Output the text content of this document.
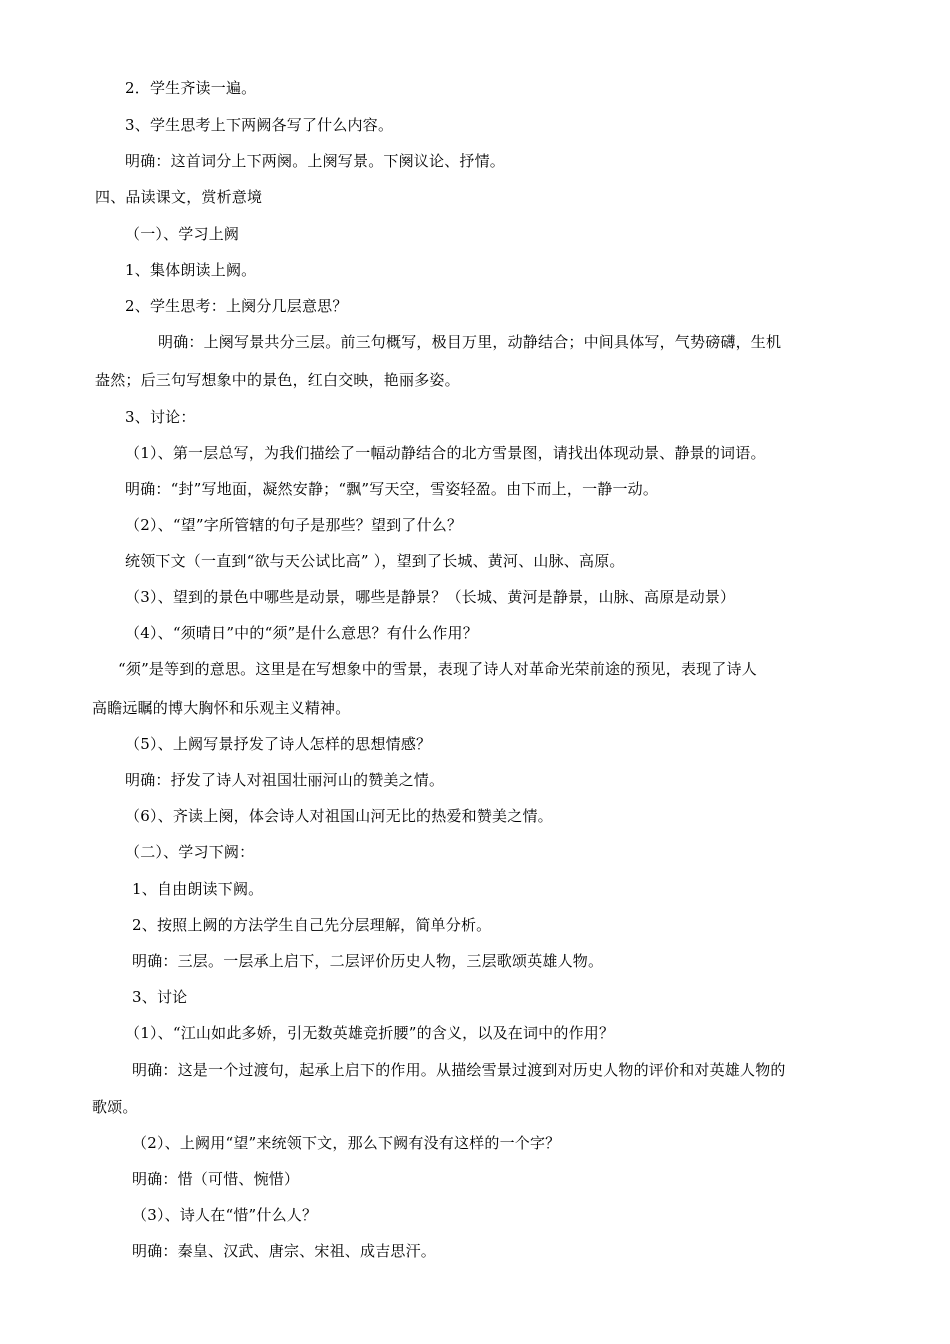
2．学生齐读一遍。
3、学生思考上下两阙各写了什么内容。
明确：这首词分上下两阕。上阕写景。下阕议论、抒情。
四、品读课文，赏析意境
（一）、学习上阙
1、集体朗读上阙。
2、学生思考：上阕分几层意思？
明确：上阕写景共分三层。前三句概写，极目万里，动静结合；中间具体写，气势磅礴，生机
盎然；后三句写想象中的景色，红白交映，艳丽多姿。
3、讨论：
（1）、第一层总写，为我们描绘了一幅动静结合的北方雪景图，请找出体现动景、静景的词语。
明确：“封”写地面，凝然安静；“飘”写天空，雪姿轻盈。由下而上，一静一动。
（2）、“望”字所管辖的句子是那些？望到了什么？
统领下文（一直到“欲与天公试比高” ），望到了长城、黄河、山脉、高原。
（3）、望到的景色中哪些是动景，哪些是静景？（长城、黄河是静景，山脉、高原是动景）
（4）、“须晴日”中的“须”是什么意思？有什么作用？
“须”是等到的意思。这里是在写想象中的雪景，表现了诗人对革命光荣前途的预见，表现了诗人
高瞻远瞩的博大胸怀和乐观主义精神。
（5）、上阙写景抒发了诗人怎样的思想情感？
明确：抒发了诗人对祖国壮丽河山的赞美之情。
（6）、齐读上阕，体会诗人对祖国山河无比的热爱和赞美之情。
（二）、学习下阙：
1、自由朗读下阙。
2、按照上阙的方法学生自己先分层理解，简单分析。
明确：三层。一层承上启下，二层评价历史人物，三层歌颂英雄人物。
3、讨论
（1）、“江山如此多娇，引无数英雄竞折腰”的含义，以及在词中的作用？
明确：这是一个过渡句，起承上启下的作用。从描绘雪景过渡到对历史人物的评价和对英雄人物的
歌颂。
（2）、上阙用“望”来统领下文，那么下阙有没有这样的一个字？
明确：惜（可惜、惋惜）
（3）、诗人在“惜”什么人？
明确：秦皇、汉武、唐宗、宋祖、成吉思汗。
